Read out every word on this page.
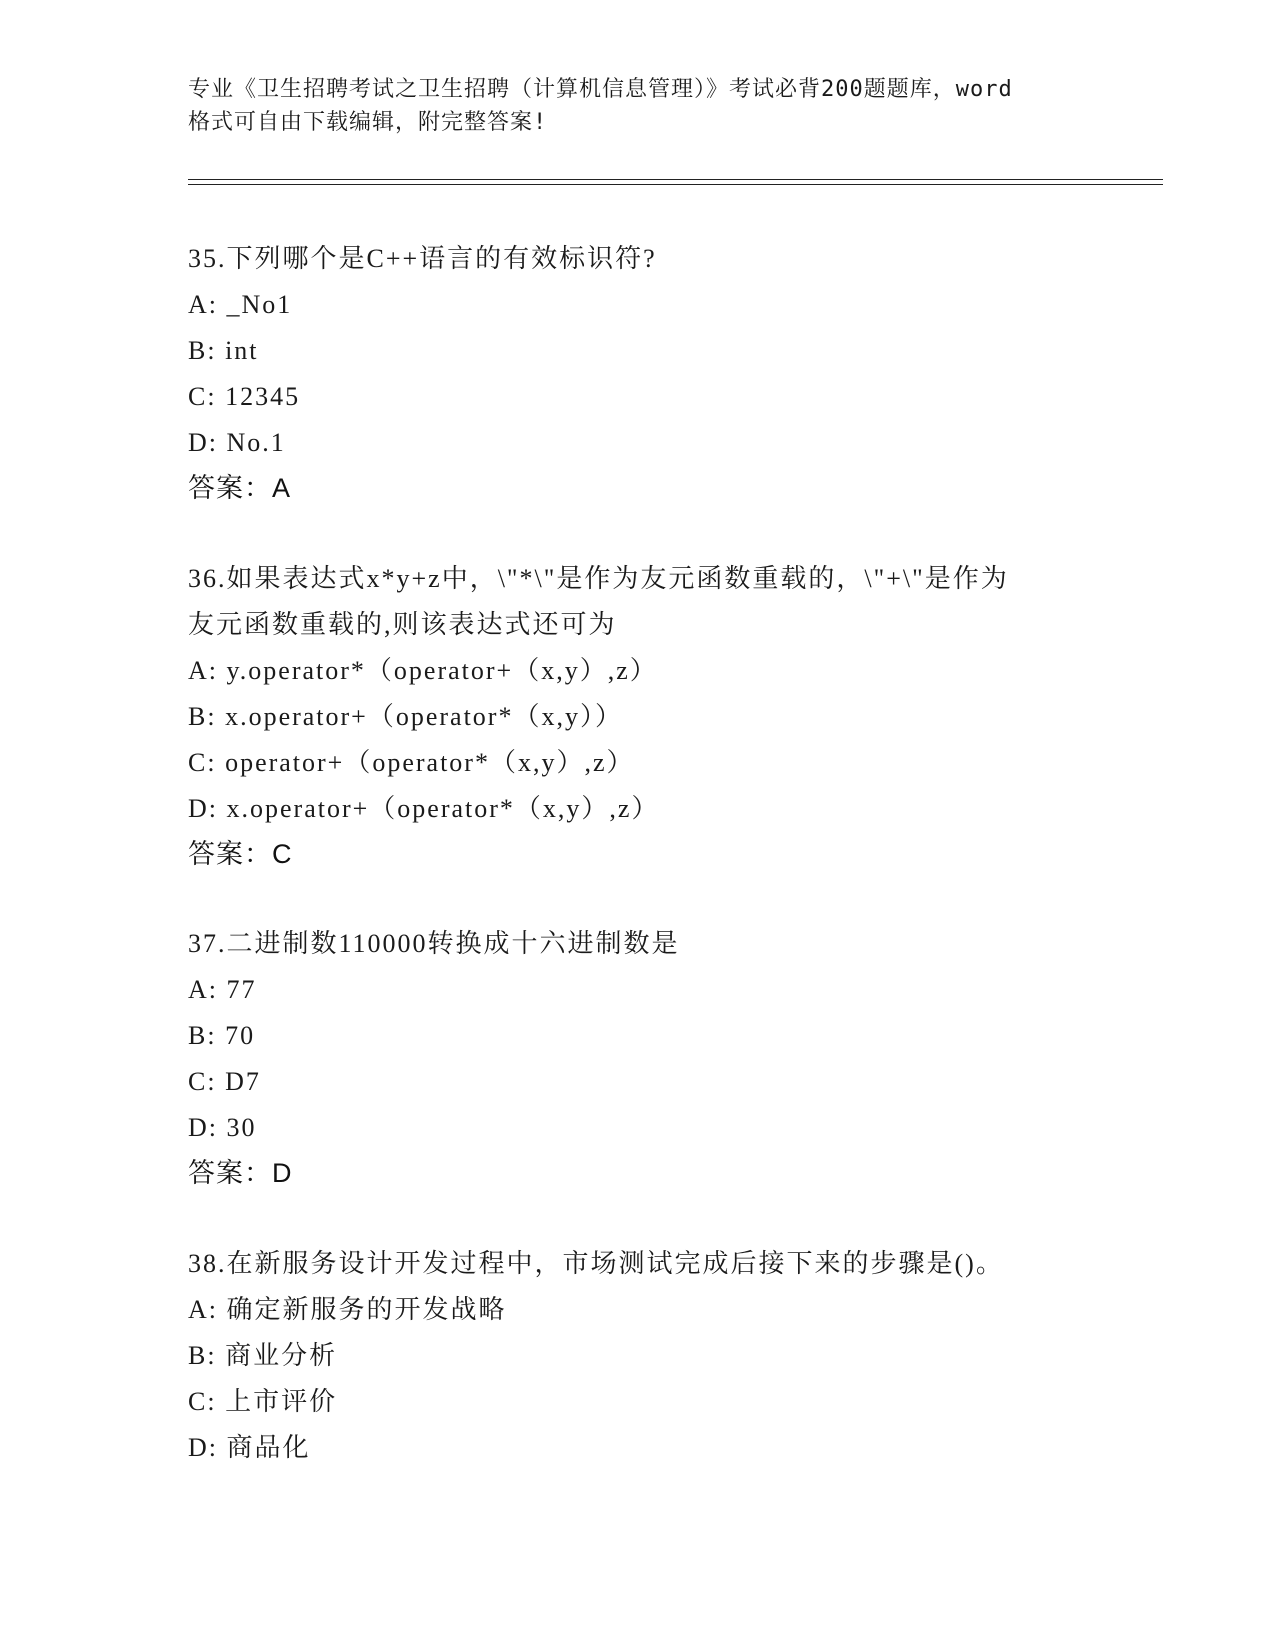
专业《卫生招聘考试之卫生招聘（计算机信息管理）》考试必背200题题库，word
格式可自由下载编辑，附完整答案!
35.下列哪个是C++语言的有效标识符?
A: _No1
B: int
C: 12345
D: No.1
答案：A
36.如果表达式x*y+z中，\"*\"是作为友元函数重载的，\"+\"是作为
友元函数重载的,则该表达式还可为
A: y.operator*（operator+（x,y）,z）
B: x.operator+（operator*（x,y））
C: operator+（operator*（x,y）,z）
D: x.operator+（operator*（x,y）,z）
答案：C
37.二进制数110000转换成十六进制数是
A: 77
B: 70
C: D7
D: 30
答案：D
38.在新服务设计开发过程中，市场测试完成后接下来的步骤是()。
A: 确定新服务的开发战略
B: 商业分析
C: 上市评价
D: 商品化
